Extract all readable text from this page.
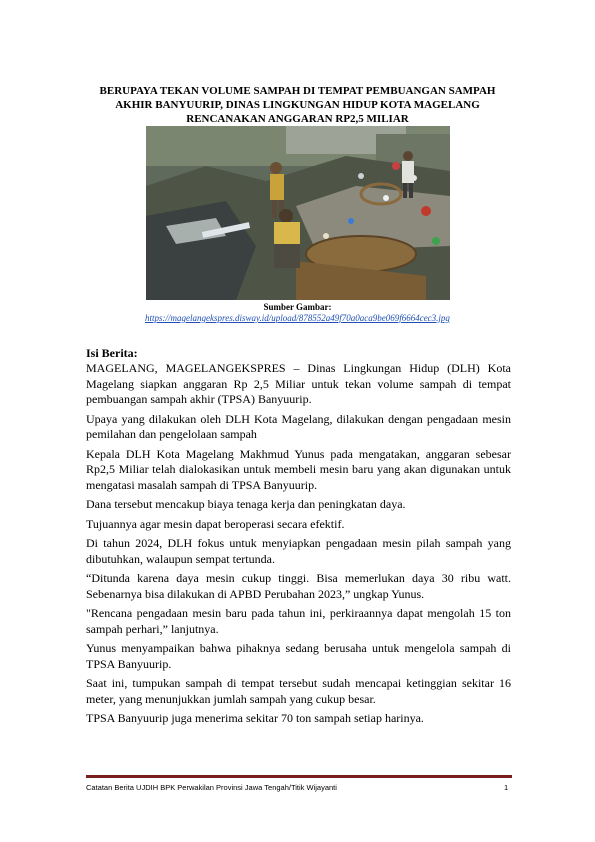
BERUPAYA TEKAN VOLUME SAMPAH DI TEMPAT PEMBUANGAN SAMPAH AKHIR BANYUURIP, DINAS LINGKUNGAN HIDUP KOTA MAGELANG RENCANAKAN ANGGARAN RP2,5 MILIAR
Sumber Gambar:
https://magelangekspres.disway.id/upload/878552a49f70a0aca9be069f6664cec3.jpg
Isi Berita:

MAGELANG, MAGELANGEKSPRES – Dinas Lingkungan Hidup (DLH) Kota Magelang siapkan anggaran Rp 2,5 Miliar untuk tekan volume sampah di tempat pembuangan sampah akhir (TPSA) Banyuurip.

Upaya yang dilakukan oleh DLH Kota Magelang, dilakukan dengan pengadaan mesin pemilahan dan pengelolaan sampah

Kepala DLH Kota Magelang Makhmud Yunus pada mengatakan, anggaran sebesar Rp2,5 Miliar telah dialokasikan untuk membeli mesin baru yang akan digunakan untuk mengatasi masalah sampah di TPSA Banyuurip.

Dana tersebut mencakup biaya tenaga kerja dan peningkatan daya.

Tujuannya agar mesin dapat beroperasi secara efektif.

Di tahun 2024, DLH fokus untuk menyiapkan pengadaan mesin pilah sampah yang dibutuhkan, walaupun sempat tertunda.

“Ditunda karena daya mesin cukup tinggi. Bisa memerlukan daya 30 ribu watt. Sebenarnya bisa dilakukan di APBD Perubahan 2023,” ungkap Yunus.

"Rencana pengadaan mesin baru pada tahun ini, perkiraannya dapat mengolah 15 ton sampah perhari,” lanjutnya.

Yunus menyampaikan bahwa pihaknya sedang berusaha untuk mengelola sampah di TPSA Banyuurip.

Saat ini, tumpukan sampah di tempat tersebut sudah mencapai ketinggian sekitar 16 meter, yang menunjukkan jumlah sampah yang cukup besar.

TPSA Banyuurip juga menerima sekitar 70 ton sampah setiap harinya.

Catatan Berita UJDIH BPK Perwakilan Provinsi Jawa Tengah/Titik Wijayanti	1
